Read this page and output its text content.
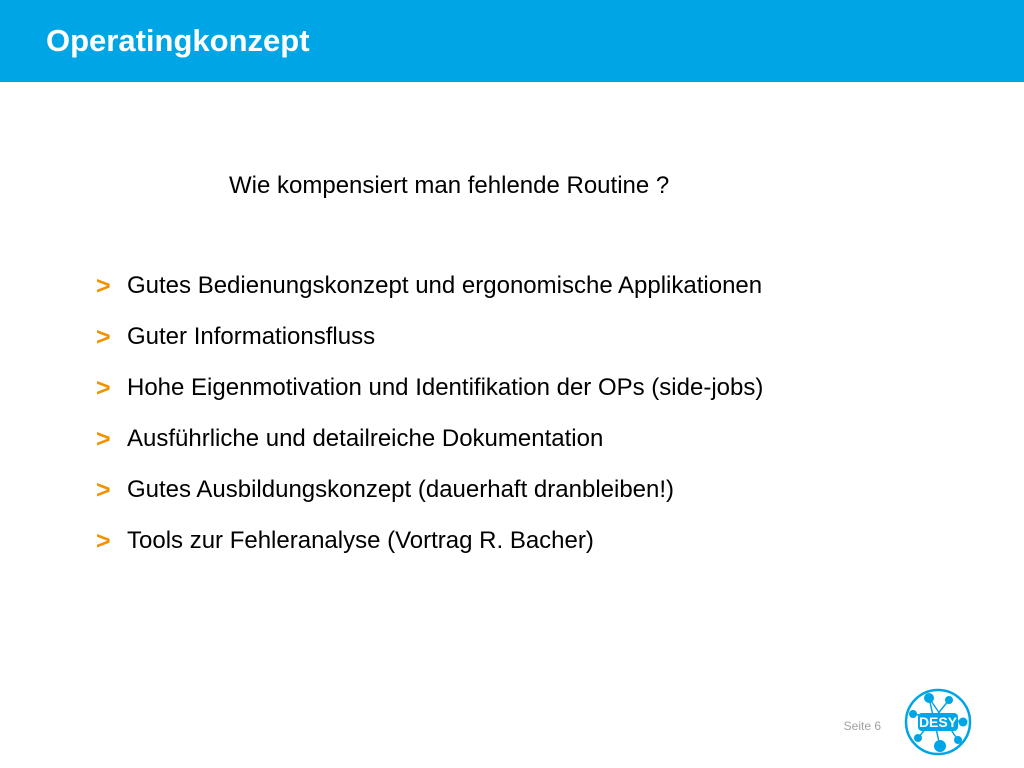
Operatingkonzept
Wie kompensiert man fehlende Routine ?
> Gutes Bedienungskonzept und ergonomische Applikationen
> Guter Informationsfluss
> Hohe Eigenmotivation und Identifikation der OPs (side-jobs)
> Ausführliche und detailreiche Dokumentation
> Gutes Ausbildungskonzept (dauerhaft dranbleiben!)
> Tools zur Fehleranalyse (Vortrag R. Bacher)
Seite 6	DESY
